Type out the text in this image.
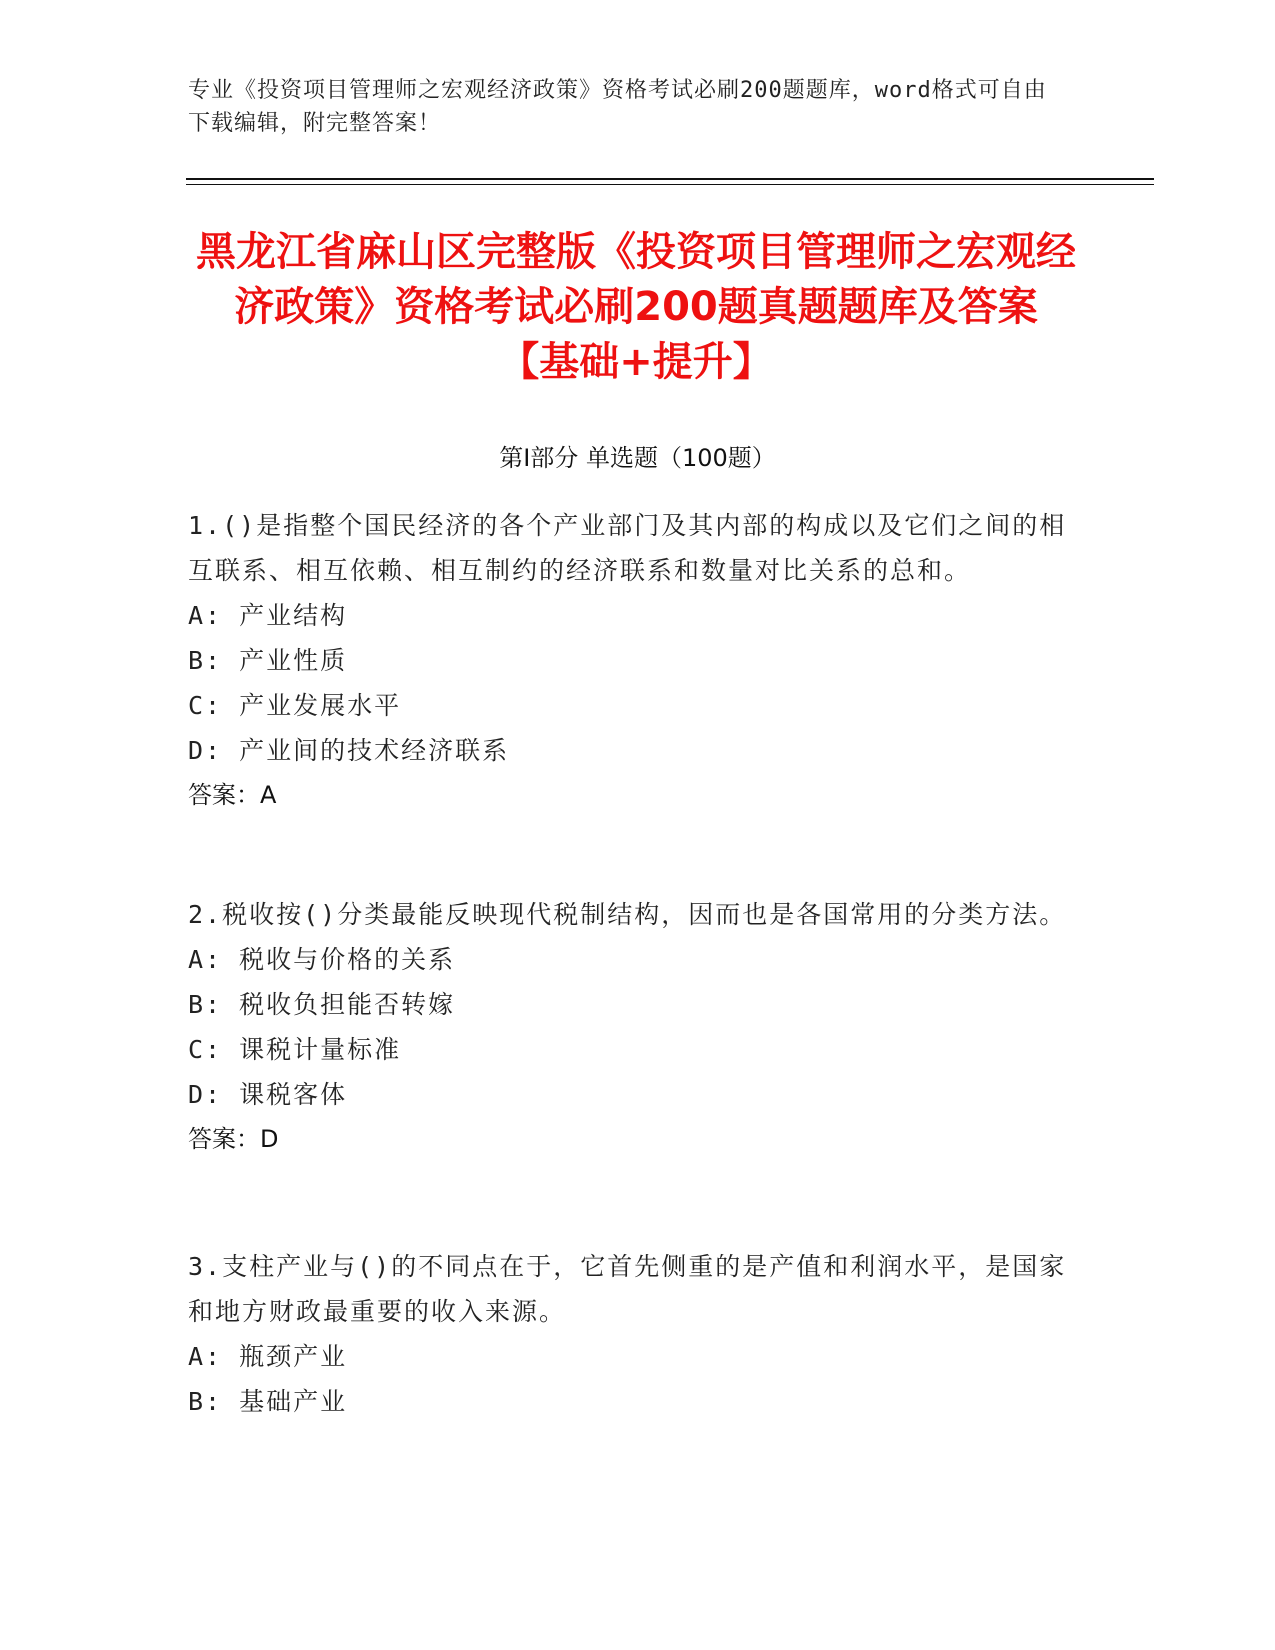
专业《投资项目管理师之宏观经济政策》资格考试必刷200题题库，word格式可自由下载编辑，附完整答案！
黑龙江省麻山区完整版《投资项目管理师之宏观经济政策》资格考试必刷200题真题题库及答案【基础+提升】
第I部分 单选题（100题）

1.()是指整个国民经济的各个产业部门及其内部的构成以及它们之间的相互联系、相互依赖、相互制约的经济联系和数量对比关系的总和。

A: 产业结构

B: 产业性质

C: 产业发展水平

D: 产业间的技术经济联系

答案：A

2.税收按()分类最能反映现代税制结构，因而也是各国常用的分类方法。

A: 税收与价格的关系

B: 税收负担能否转嫁

C: 课税计量标准

D: 课税客体

答案：D

3.支柱产业与()的不同点在于，它首先侧重的是产值和利润水平，是国家和地方财政最重要的收入来源。

A: 瓶颈产业

B: 基础产业
